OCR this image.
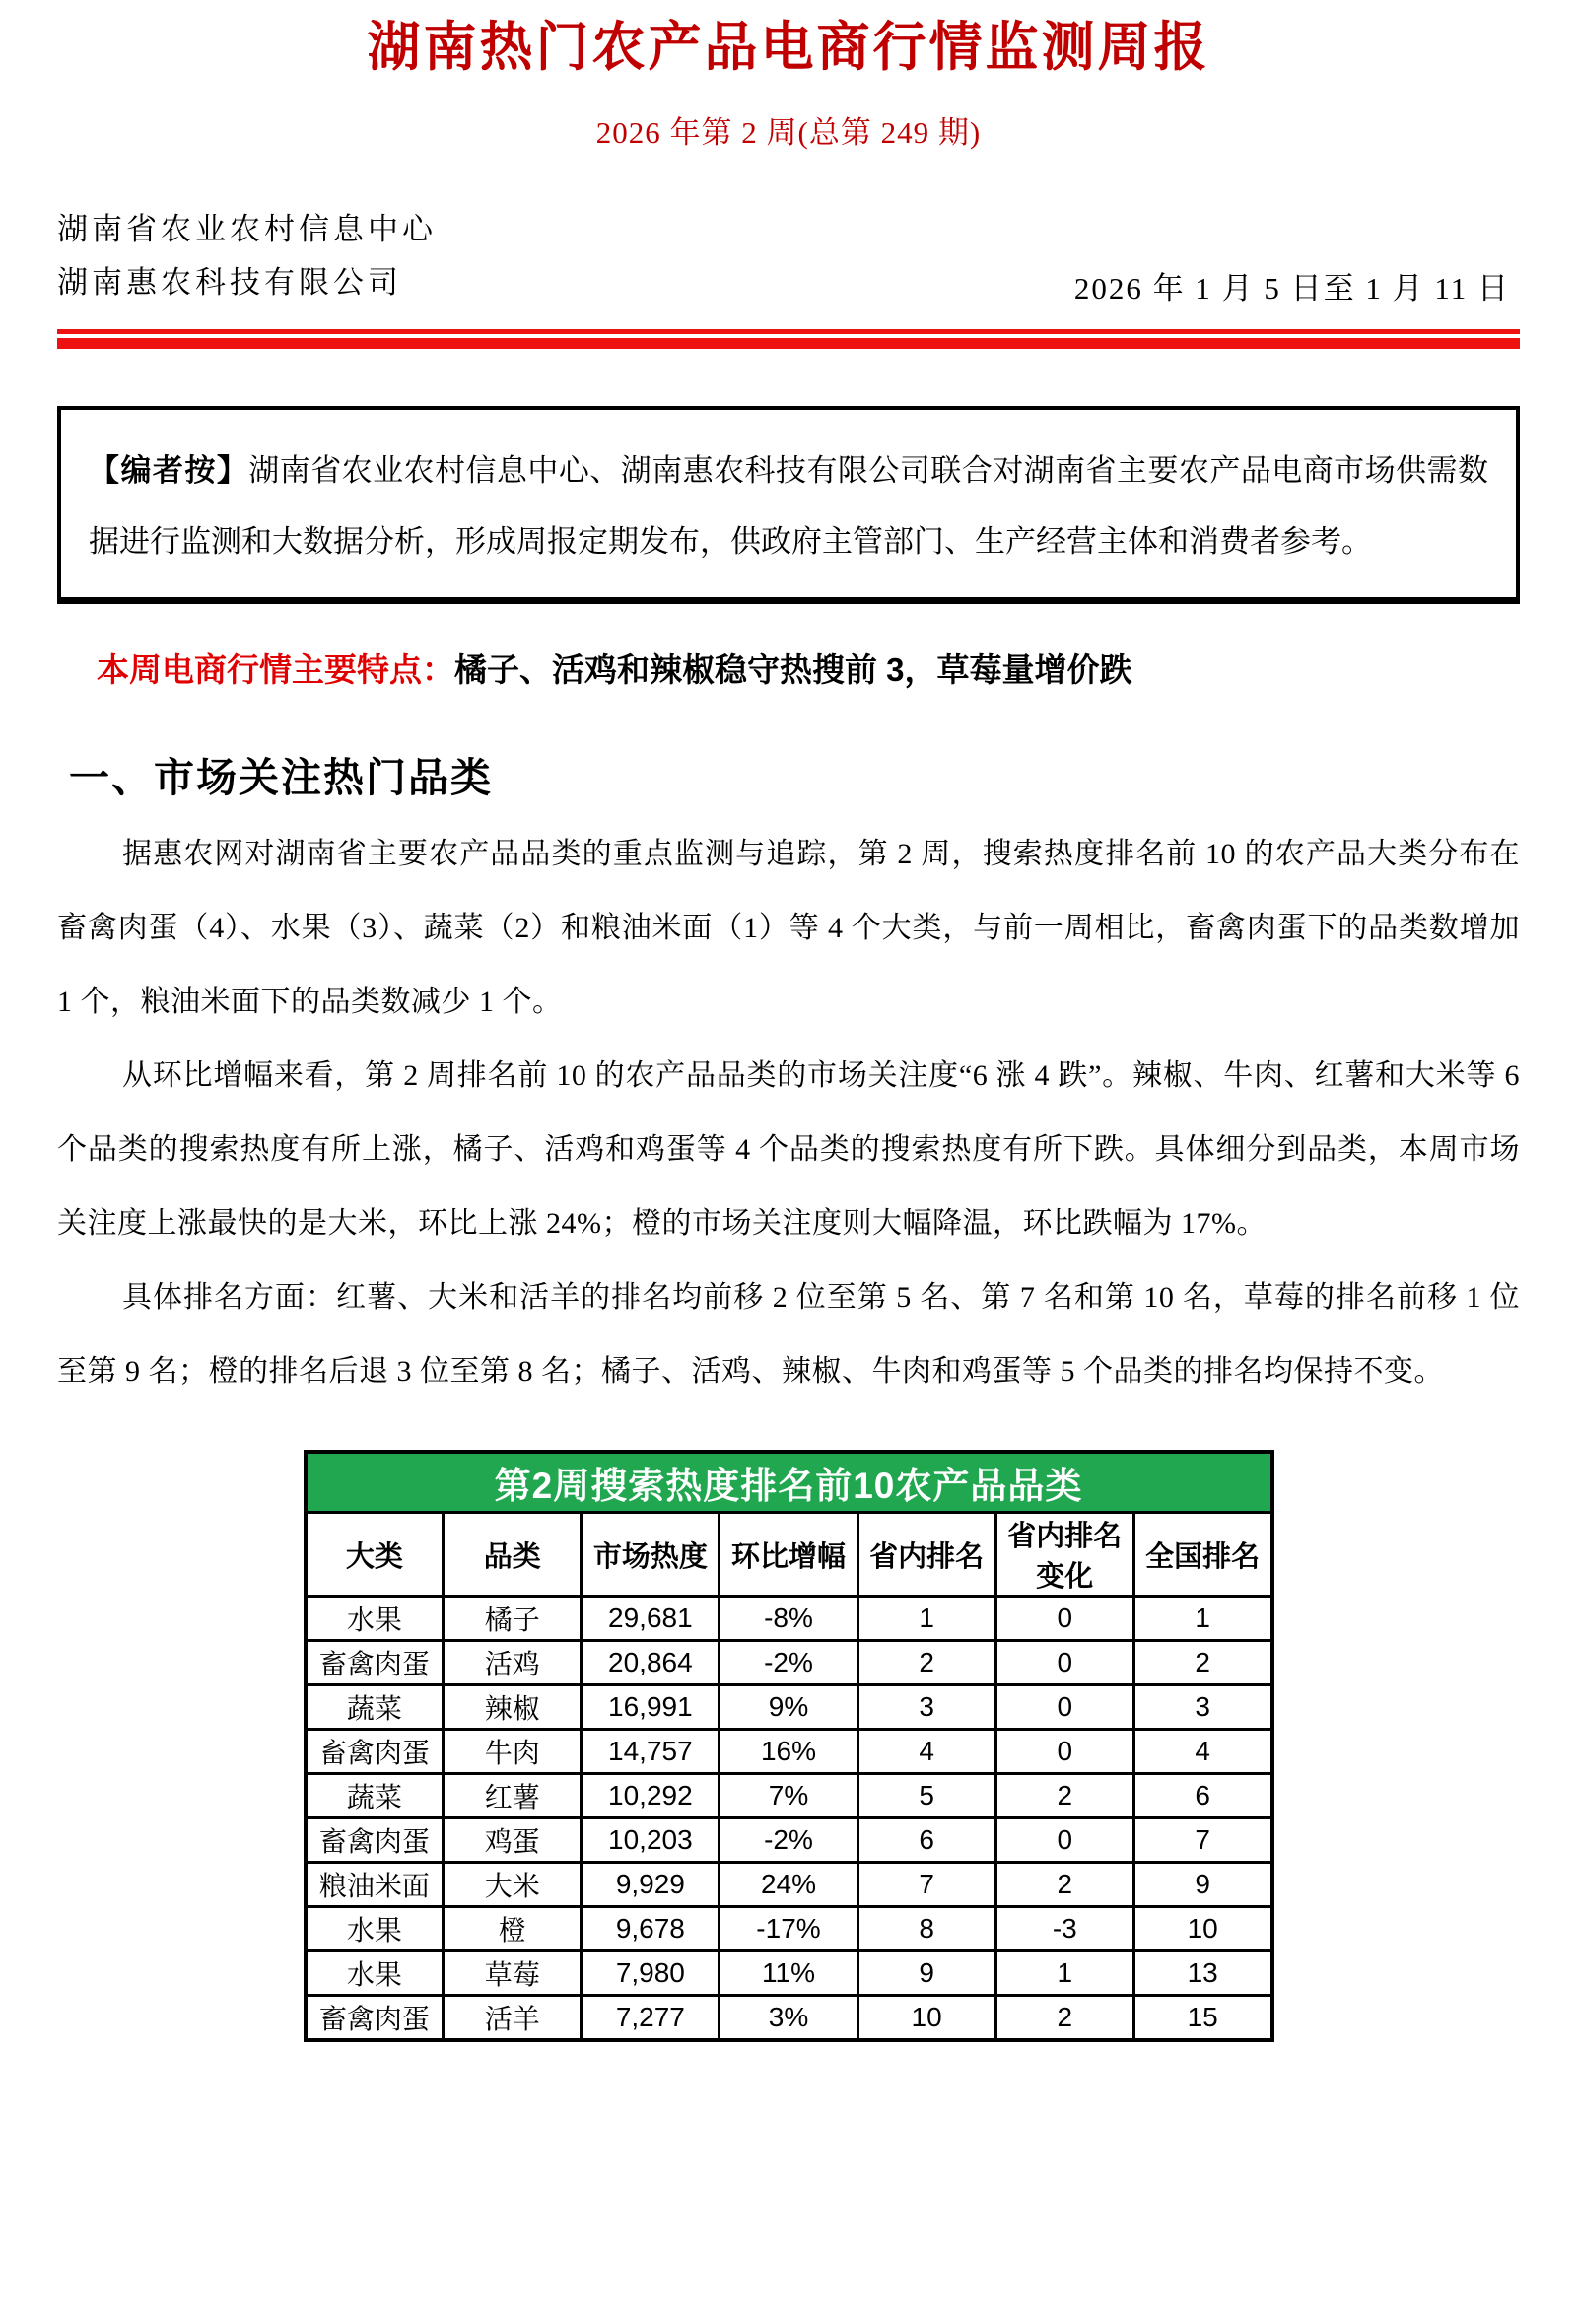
湖南热门农产品电商行情监测周报
2026 年第 2 周(总第 249 期)
湖南省农业农村信息中心
湖南惠农科技有限公司	2026 年 1 月 5 日至 1 月 11 日
【编者按】湖南省农业农村信息中心、湖南惠农科技有限公司联合对湖南省主要农产品电商市场供需数据进行监测和大数据分析，形成周报定期发布，供政府主管部门、生产经营主体和消费者参考。

本周电商行情主要特点：橘子、活鸡和辣椒稳守热搜前 3，草莓量增价跌

一、市场关注热门品类

据惠农网对湖南省主要农产品品类的重点监测与追踪，第 2 周，搜索热度排名前 10 的农产品大类分布在畜禽肉蛋（4）、水果（3）、蔬菜（2）和粮油米面（1）等 4 个大类，与前一周相比，畜禽肉蛋下的品类数增加 1 个，粮油米面下的品类数减少 1 个。

从环比增幅来看，第 2 周排名前 10 的农产品品类的市场关注度“6 涨 4 跌”。辣椒、牛肉、红薯和大米等 6 个品类的搜索热度有所上涨，橘子、活鸡和鸡蛋等 4 个品类的搜索热度有所下跌。具体细分到品类，本周市场关注度上涨最快的是大米，环比上涨 24%；橙的市场关注度则大幅降温，环比跌幅为 17%。

具体排名方面：红薯、大米和活羊的排名均前移 2 位至第 5 名、第 7 名和第 10 名，草莓的排名前移 1 位至第 9 名；橙的排名后退 3 位至第 8 名；橘子、活鸡、辣椒、牛肉和鸡蛋等 5 个品类的排名均保持不变。

第2周搜索热度排名前10农产品品类						
大类	品类	市场热度	环比增幅	省内排名	省内排名变化	全国排名
水果	橘子	29,681	-8%	1	0	1
畜禽肉蛋	活鸡	20,864	-2%	2	0	2
蔬菜	辣椒	16,991	9%	3	0	3
畜禽肉蛋	牛肉	14,757	16%	4	0	4
蔬菜	红薯	10,292	7%	5	2	6
畜禽肉蛋	鸡蛋	10,203	-2%	6	0	7
粮油米面	大米	9,929	24%	7	2	9
水果	橙	9,678	-17%	8	-3	10
水果	草莓	7,980	11%	9	1	13
畜禽肉蛋	活羊	7,277	3%	10	2	15
